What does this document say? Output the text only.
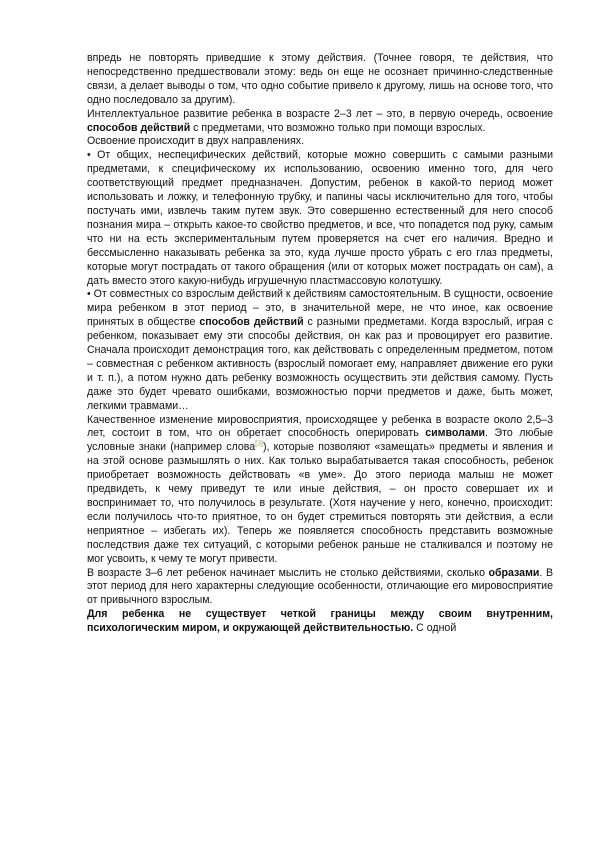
впредь не повторять приведшие к этому действия. (Точнее говоря, те действия, что непосредственно предшествовали этому: ведь он еще не осознает причинно-следственные связи, а делает выводы о том, что одно событие привело к другому, лишь на основе того, что одно последовало за другим).

Интеллектуальное развитие ребенка в возрасте 2–3 лет – это, в первую очередь, освоение способов действий с предметами, что возможно только при помощи взрослых.

Освоение происходит в двух направлениях.

• От общих, неспецифических действий, которые можно совершить с самыми разными предметами, к специфическому их использованию, освоению именно того, для чего соответствующий предмет предназначен. Допустим, ребенок в какой-то период может использовать и ложку, и телефонную трубку, и папины часы исключительно для того, чтобы постучать ими, извлечь таким путем звук. Это совершенно естественный для него способ познания мира – открыть какое-то свойство предметов, и все, что попадется под руку, самым что ни на есть экспериментальным путем проверяется на счет его наличия. Вредно и бессмысленно наказывать ребенка за это, куда лучше просто убрать с его глаз предметы, которые могут пострадать от такого обращения (или от которых может пострадать он сам), а дать вместо этого какую-нибудь игрушечную пластмассовую колотушку.

• От совместных со взрослым действий к действиям самостоятельным. В сущности, освоение мира ребенком в этот период – это, в значительной мере, не что иное, как освоение принятых в обществе способов действий с разными предметами. Когда взрослый, играя с ребенком, показывает ему эти способы действия, он как раз и провоцирует его развитие. Сначала происходит демонстрация того, как действовать с определенным предметом, потом – совместная с ребенком активность (взрослый помогает ему, направляет движение его руки и т. п.), а потом нужно дать ребенку возможность осуществить эти действия самому. Пусть даже это будет чревато ошибками, возможностью порчи предметов и даже, быть может, легкими травмами…

Качественное изменение мировосприятия, происходящее у ребенка в возрасте около 2,5–3 лет, состоит в том, что он обретает способность оперировать символами. Это любые условные знаки (например слова[3]), которые позволяют «замещать» предметы и явления и на этой основе размышлять о них. Как только вырабатывается такая способность, ребенок приобретает возможность действовать «в уме». До этого периода малыш не может предвидеть, к чему приведут те или иные действия, – он просто совершает их и воспринимает то, что получилось в результате. (Хотя научение у него, конечно, происходит: если получилось что-то приятное, то он будет стремиться повторять эти действия, а если неприятное – избегать их). Теперь же появляется способность представить возможные последствия даже тех ситуаций, с которыми ребенок раньше не сталкивался и поэтому не мог усвоить, к чему те могут привести.

В возрасте 3–6 лет ребенок начинает мыслить не столько действиями, сколько образами. В этот период для него характерны следующие особенности, отличающие его мировосприятие от привычного взрослым.

Для ребенка не существует четкой границы между своим внутренним, психологическим миром, и окружающей действительностью. С одной
